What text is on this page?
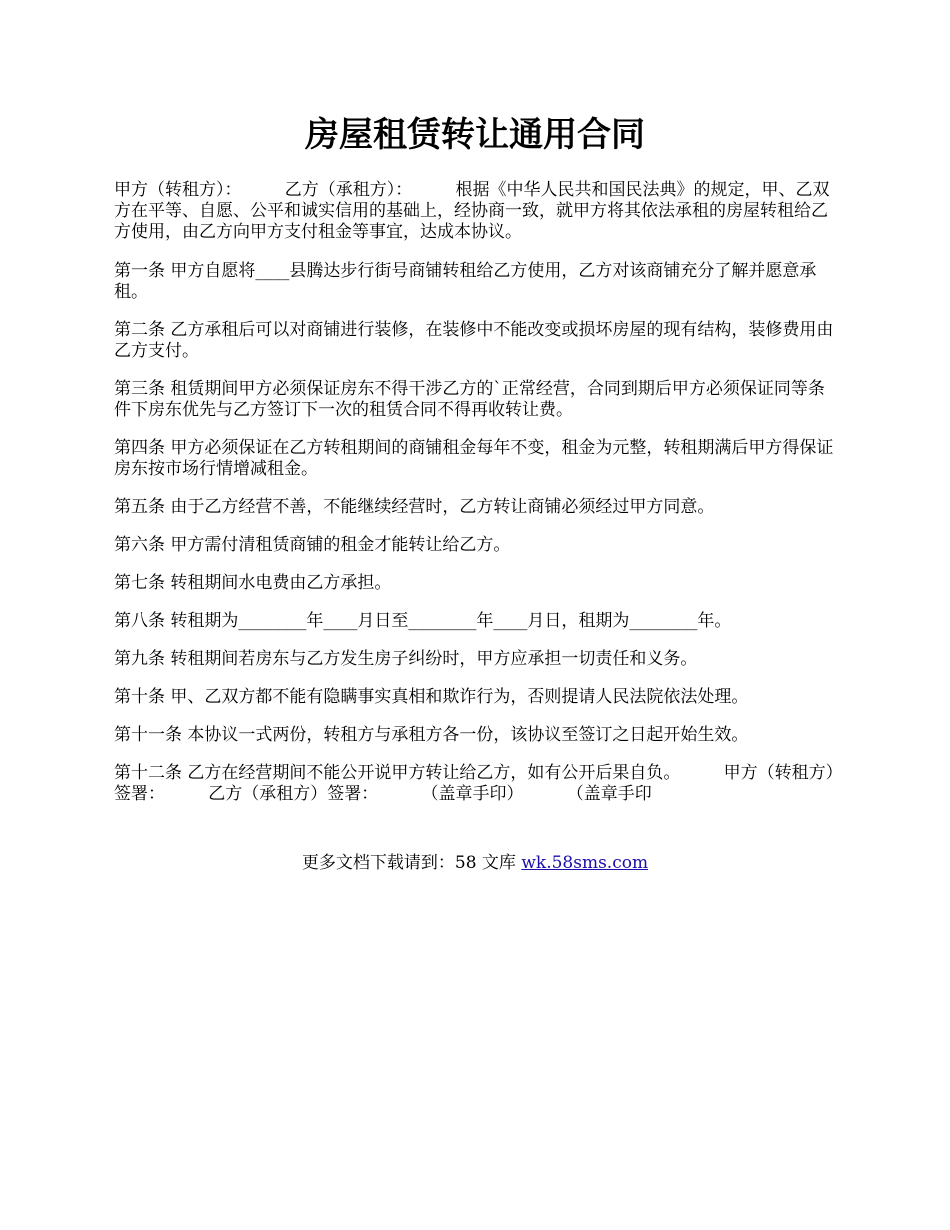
房屋租赁转让通用合同

甲方（转租方）：        乙方（承租方）：        根据《中华人民共和国民法典》的规定，甲、乙双方在平等、自愿、公平和诚实信用的基础上，经协商一致，就甲方将其依法承租的房屋转租给乙方使用，由乙方向甲方支付租金等事宜，达成本协议。

第一条 甲方自愿将____县腾达步行街号商铺转租给乙方使用，乙方对该商铺充分了解并愿意承租。

第二条 乙方承租后可以对商铺进行装修，在装修中不能改变或损坏房屋的现有结构，装修费用由乙方支付。

第三条 租赁期间甲方必须保证房东不得干涉乙方的`正常经营，合同到期后甲方必须保证同等条件下房东优先与乙方签订下一次的租赁合同不得再收转让费。

第四条 甲方必须保证在乙方转租期间的商铺租金每年不变，租金为元整，转租期满后甲方得保证房东按市场行情增减租金。

第五条 由于乙方经营不善，不能继续经营时，乙方转让商铺必须经过甲方同意。

第六条 甲方需付清租赁商铺的租金才能转让给乙方。

第七条 转租期间水电费由乙方承担。

第八条 转租期为________年____月日至________年____月日，租期为________年。

第九条 转租期间若房东与乙方发生房子纠纷时，甲方应承担一切责任和义务。

第十条 甲、乙双方都不能有隐瞒事实真相和欺诈行为，否则提请人民法院依法处理。

第十一条 本协议一式两份，转租方与承租方各一份，该协议至签订之日起开始生效。

第十二条 乙方在经营期间不能公开说甲方转让给乙方，如有公开后果自负。        甲方（转租方）签署：        乙方（承租方）签署：        （盖章手印）        （盖章手印

更多文档下载请到：58 文库 wk.58sms.com
